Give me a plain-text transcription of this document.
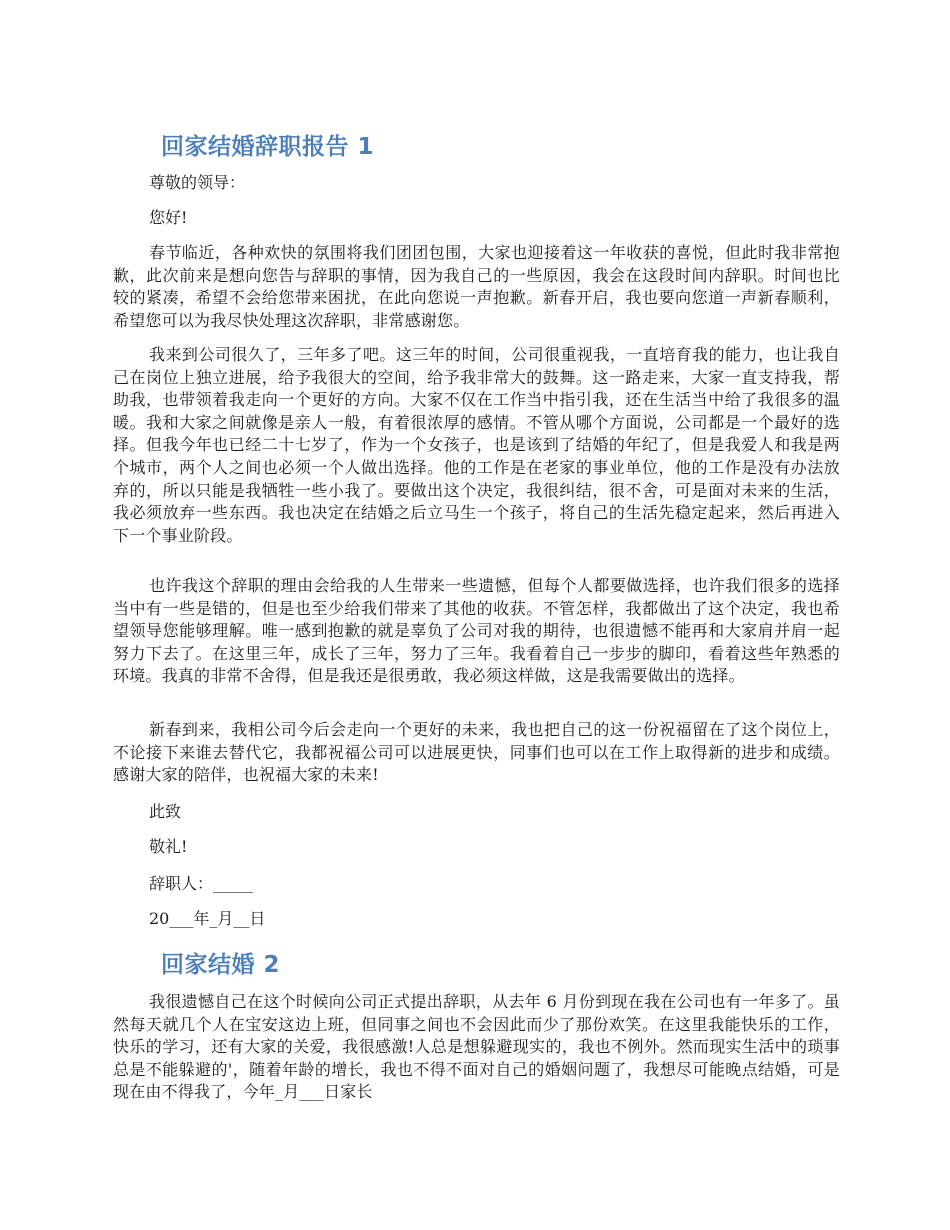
回家结婚辞职报告 1
尊敬的领导：
您好!
春节临近，各种欢快的氛围将我们团团包围，大家也迎接着这一年收获的喜悦，但此时我非常抱歉，此次前来是想向您告与辞职的事情，因为我自己的一些原因，我会在这段时间内辞职。时间也比较的紧凑，希望不会给您带来困扰，在此向您说一声抱歉。新春开启，我也要向您道一声新春顺利，希望您可以为我尽快处理这次辞职，非常感谢您。
我来到公司很久了，三年多了吧。这三年的时间，公司很重视我，一直培育我的能力，也让我自己在岗位上独立进展，给予我很大的空间，给予我非常大的鼓舞。这一路走来，大家一直支持我，帮助我，也带领着我走向一个更好的方向。大家不仅在工作当中指引我，还在生活当中给了我很多的温暖。我和大家之间就像是亲人一般，有着很浓厚的感情。不管从哪个方面说，公司都是一个最好的选择。但我今年也已经二十七岁了，作为一个女孩子，也是该到了结婚的年纪了，但是我爱人和我是两个城市，两个人之间也必须一个人做出选择。他的工作是在老家的事业单位，他的工作是没有办法放弃的，所以只能是我牺牲一些小我了。要做出这个决定，我很纠结，很不舍，可是面对未来的生活，我必须放弃一些东西。我也决定在结婚之后立马生一个孩子，将自己的生活先稳定起来，然后再进入下一个事业阶段。
也许我这个辞职的理由会给我的人生带来一些遗憾，但每个人都要做选择，也许我们很多的选择当中有一些是错的，但是也至少给我们带来了其他的收获。不管怎样，我都做出了这个决定，我也希望领导您能够理解。唯一感到抱歉的就是辜负了公司对我的期待，也很遗憾不能再和大家肩并肩一起努力下去了。在这里三年，成长了三年，努力了三年。我看着自己一步步的脚印，看着这些年熟悉的环境。我真的非常不舍得，但是我还是很勇敢，我必须这样做，这是我需要做出的选择。
新春到来，我相公司今后会走向一个更好的未来，我也把自己的这一份祝福留在了这个岗位上，不论接下来谁去替代它，我都祝福公司可以进展更快，同事们也可以在工作上取得新的进步和成绩。感谢大家的陪伴，也祝福大家的未来!
此致
敬礼!
辞职人：_____
20___年_月__日
回家结婚 2
我很遗憾自己在这个时候向公司正式提出辞职，从去年 6 月份到现在我在公司也有一年多了。虽然每天就几个人在宝安这边上班，但同事之间也不会因此而少了那份欢笑。在这里我能快乐的工作，快乐的学习，还有大家的关爱，我很感激!人总是想躲避现实的，我也不例外。然而现实生活中的琐事总是不能躲避的'，随着年龄的增长，我也不得不面对自己的婚姻问题了，我想尽可能晚点结婚，可是现在由不得我了，今年_月___日家长
